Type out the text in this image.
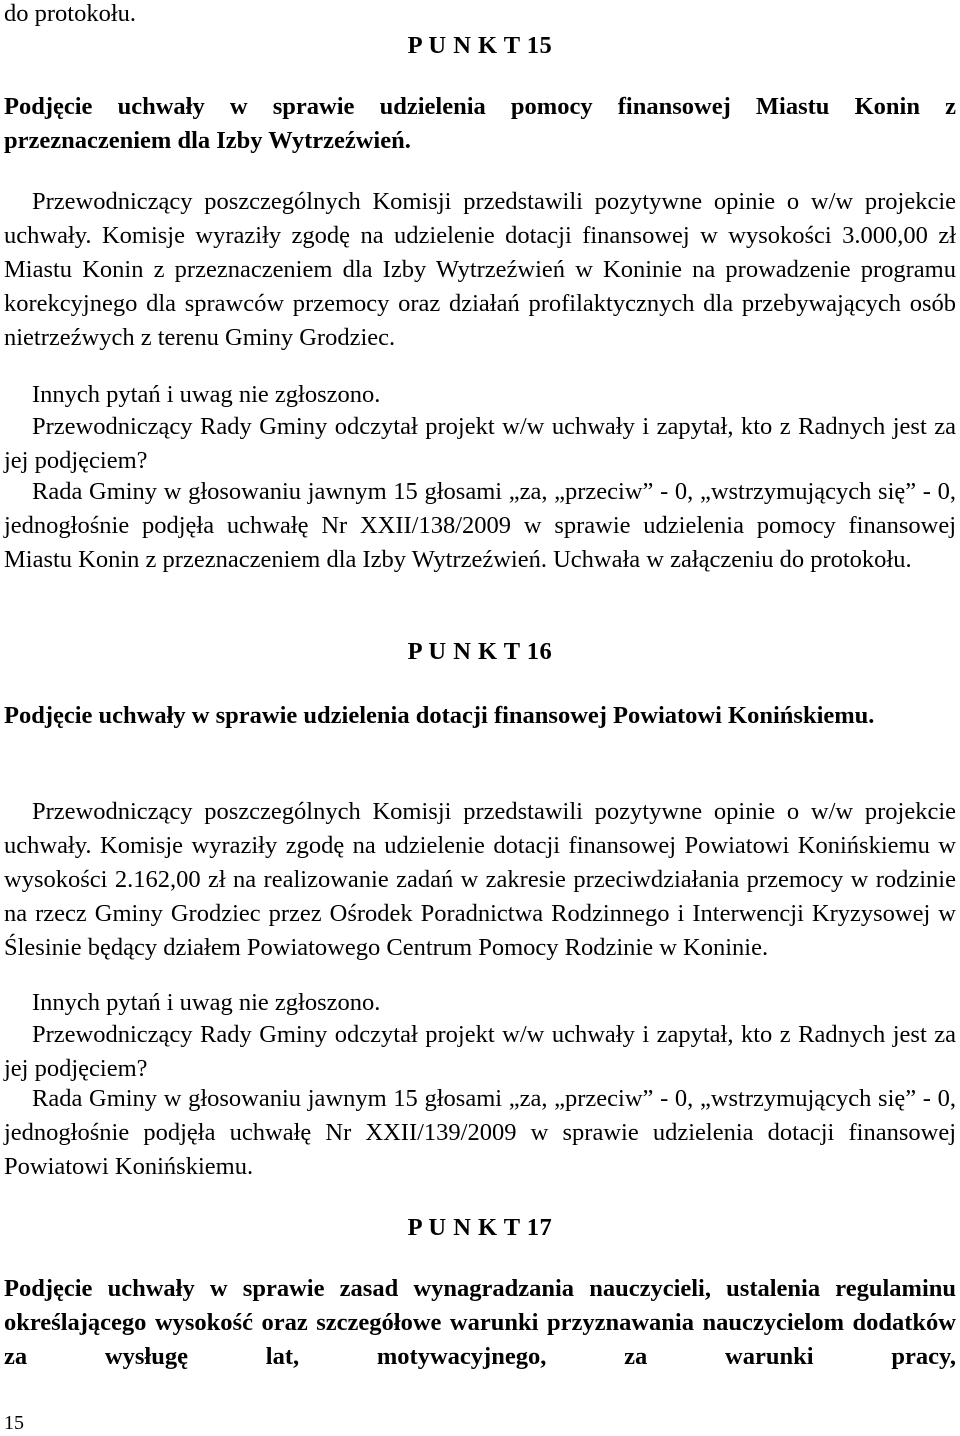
do protokołu.

P U N K T 15

Podjęcie uchwały w sprawie udzielenia pomocy finansowej Miastu Konin z przeznaczeniem dla Izby Wytrzeźwień.

Przewodniczący poszczególnych Komisji przedstawili pozytywne opinie o w/w projekcie uchwały. Komisje wyraziły zgodę na udzielenie dotacji finansowej w wysokości 3.000,00 zł Miastu Konin z przeznaczeniem dla Izby Wytrzeźwień w Koninie na prowadzenie programu korekcyjnego dla sprawców przemocy oraz działań profilaktycznych dla przebywających osób nietrzeźwych z terenu Gminy Grodziec.

Innych pytań i uwag nie zgłoszono.

Przewodniczący Rady Gminy odczytał projekt w/w uchwały i zapytał, kto z Radnych jest za jej podjęciem?

Rada Gminy w głosowaniu jawnym 15 głosami „za, „przeciw” - 0, „wstrzymujących się” - 0, jednogłośnie podjęła uchwałę Nr XXII/138/2009 w sprawie udzielenia pomocy finansowej Miastu Konin z przeznaczeniem dla Izby Wytrzeźwień. Uchwała w załączeniu do protokołu.

P U N K T 16

Podjęcie uchwały w sprawie udzielenia dotacji finansowej Powiatowi Konińskiemu.

Przewodniczący poszczególnych Komisji przedstawili pozytywne opinie o w/w projekcie uchwały. Komisje wyraziły zgodę na udzielenie dotacji finansowej Powiatowi Konińskiemu w wysokości 2.162,00 zł na realizowanie zadań w zakresie przeciwdziałania przemocy w rodzinie na rzecz Gminy Grodziec przez Ośrodek Poradnictwa Rodzinnego i Interwencji Kryzysowej w Ślesinie będący działem Powiatowego Centrum Pomocy Rodzinie w Koninie.

Innych pytań i uwag nie zgłoszono.

Przewodniczący Rady Gminy odczytał projekt w/w uchwały i zapytał, kto z Radnych jest za jej podjęciem?

Rada Gminy w głosowaniu jawnym 15 głosami „za, „przeciw” - 0, „wstrzymujących się” - 0, jednogłośnie podjęła uchwałę Nr XXII/139/2009 w sprawie udzielenia dotacji finansowej Powiatowi Konińskiemu.

P U N K T 17

Podjęcie uchwały w sprawie zasad wynagradzania nauczycieli, ustalenia regulaminu określającego wysokość oraz szczegółowe warunki przyznawania nauczycielom dodatków za wysługę lat, motywacyjnego, za warunki pracy,

15
